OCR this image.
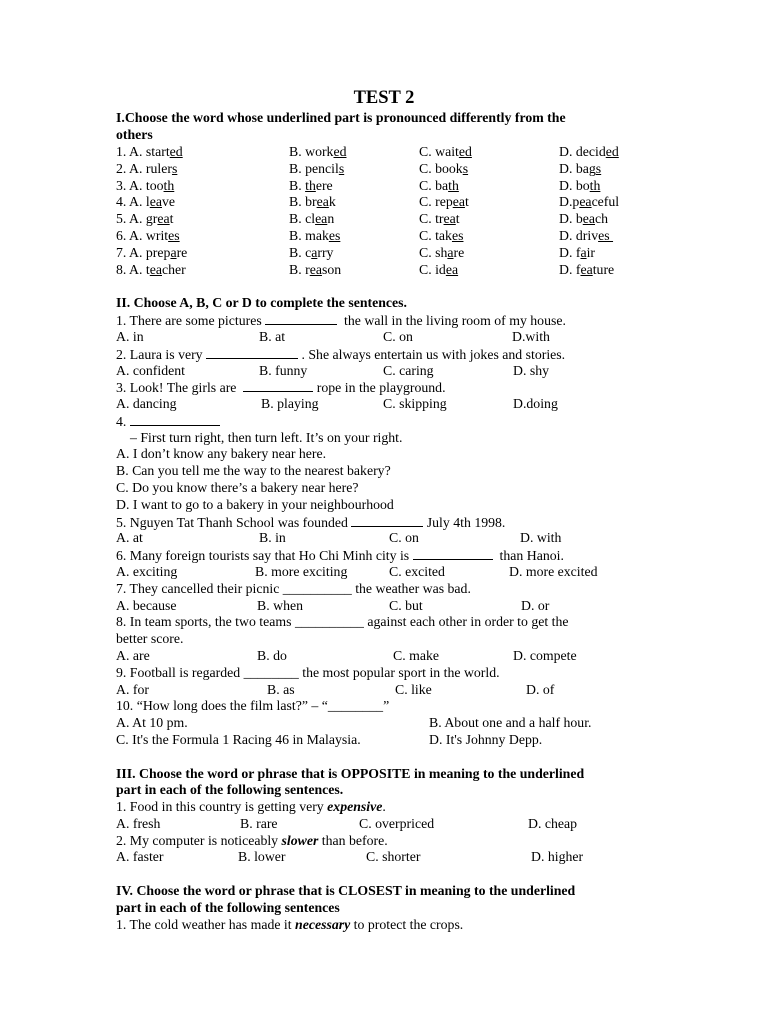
TEST 2
I.Choose the word whose underlined part is pronounced differently from the
others
1. A. started	B. worked	C. waited	D. decided
2. A. rulers	B. pencils	C. books	D. bags
3. A. tooth	B. there	C. bath	D. both
4. A. leave	B. break	C. repeat	D.peaceful
5. A. great	B. clean	C. treat	D. beach
6. A. writes	B. makes	C. takes	D. drives
7. A. prepare	B. carry	C. share	D. fair
8. A. teacher	B. reason	C. idea	D. feature
II. Choose A, B, C or D to complete the sentences.
1. There are some pictures	the wall in the living room of my house.
A. in	B. at	C. on	D.with
2. Laura is very	. She always entertain us with jokes and stories.
A. confident	B. funny	C. caring	D. shy
3. Look! The girls are	rope in the playground.
A. dancing	B. playing	C. skipping	D.doing
4.
– First turn right, then turn left. It’s on your right.
A. I don’t know any bakery near here.
B. Can you tell me the way to the nearest bakery?
C. Do you know there’s a bakery near here?
D. I want to go to a bakery in your neighbourhood
5. Nguyen Tat Thanh School was founded	July 4th 1998.
A. at	B. in	C. on	D. with
6. Many foreign tourists say that Ho Chi Minh city is	than Hanoi.
A. exciting	B. more exciting	C. excited	D. more excited
7. They cancelled their picnic __________ the weather was bad.
A. because	B. when	C. but	D. or
8. In team sports, the two teams __________ against each other in order to get the
better score.
A. are	B. do	C. make	D. compete
9. Football is regarded ________ the most popular sport in the world.
A. for	B. as	C. like	D. of
10. “How long does the film last?” – “________”
A. At 10 pm.	B. About one and a half hour.
C. It's the Formula 1 Racing 46 in Malaysia.	D. It's Johnny Depp.
III. Choose the word or phrase that is OPPOSITE in meaning to the underlined
part in each of the following sentences.
1. Food in this country is getting very expensive.
A. fresh	B. rare	C. overpriced	D. cheap
2. My computer is noticeably slower than before.
A. faster	B. lower	C. shorter	D. higher
IV. Choose the word or phrase that is CLOSEST in meaning to the underlined
part in each of the following sentences
1. The cold weather has made it necessary to protect the crops.
